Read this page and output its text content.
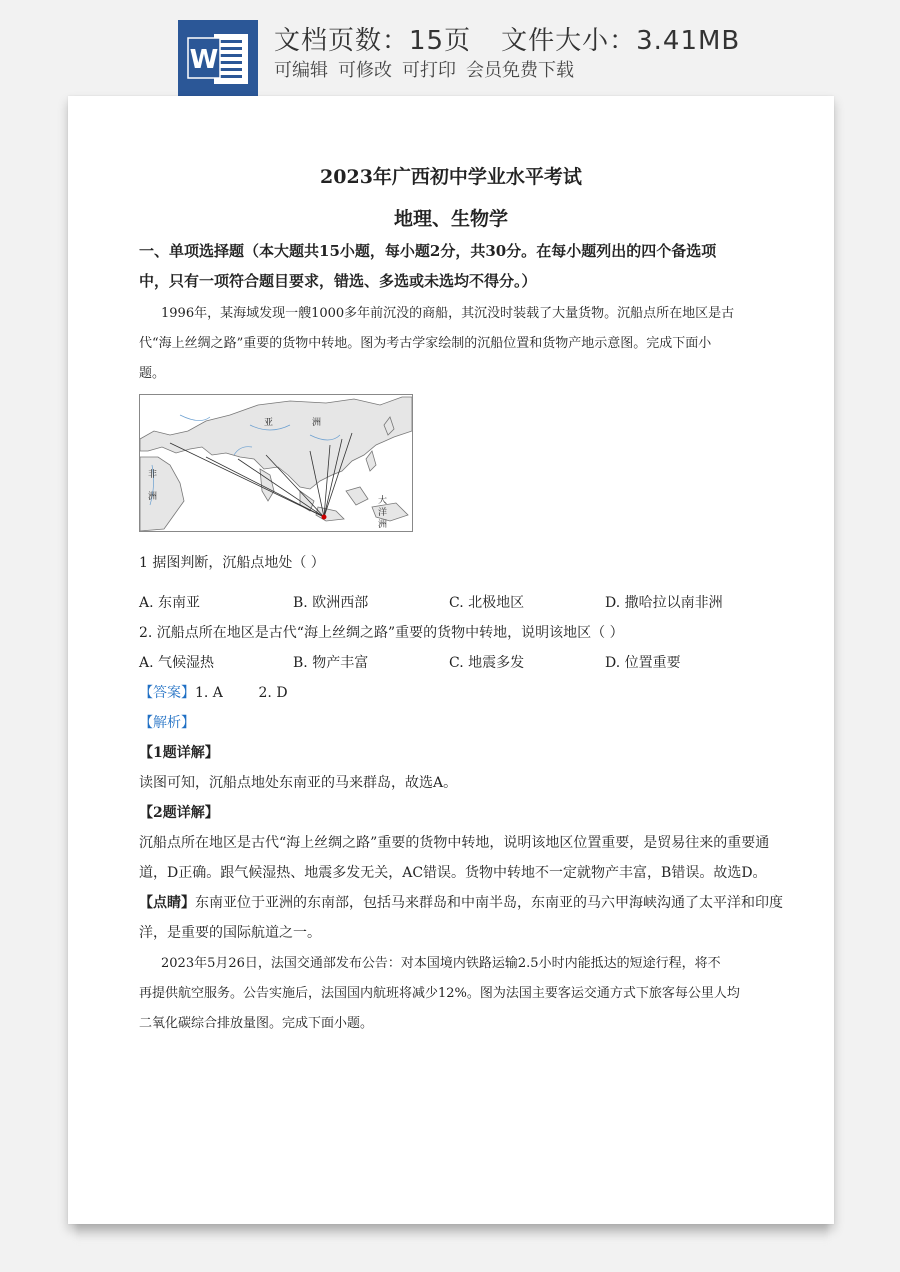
W
文档页数：15页 文件大小：3.41MB
可编辑 可修改 可打印 会员免费下载
2023年广西初中学业水平考试
地理、生物学
一、单项选择题（本大题共15小题，每小题2分，共30分。在每小题列出的四个备选项
中，只有一项符合题目要求，错选、多选或未选均不得分。）
1996年，某海域发现一艘1000多年前沉没的商船，其沉没时装载了大量货物。沉船点所在地区是古
代“海上丝绸之路”重要的货物中转地。图为考古学家绘制的沉船位置和货物产地示意图。完成下面小
题。
亚	洲
非
洲	大
洋
洲
1 据图判断，沉船点地处（ ）
A. 东南亚	B. 欧洲西部	C. 北极地区	D. 撒哈拉以南非洲
2. 沉船点所在地区是古代“海上丝绸之路”重要的货物中转地，说明该地区（ ）
A. 气候湿热	B. 物产丰富	C. 地震多发	D. 位置重要
【答案】1. A        2. D
【解析】
【1题详解】
读图可知，沉船点地处东南亚的马来群岛，故选A。
【2题详解】
沉船点所在地区是古代“海上丝绸之路”重要的货物中转地，说明该地区位置重要，是贸易往来的重要通
道，D正确。跟气候湿热、地震多发无关，AC错误。货物中转地不一定就物产丰富，B错误。故选D。
【点睛】东南亚位于亚洲的东南部，包括马来群岛和中南半岛，东南亚的马六甲海峡沟通了太平洋和印度
洋，是重要的国际航道之一。
2023年5月26日，法国交通部发布公告：对本国境内铁路运输2.5小时内能抵达的短途行程，将不
再提供航空服务。公告实施后，法国国内航班将减少12%。图为法国主要客运交通方式下旅客每公里人均
二氧化碳综合排放量图。完成下面小题。
